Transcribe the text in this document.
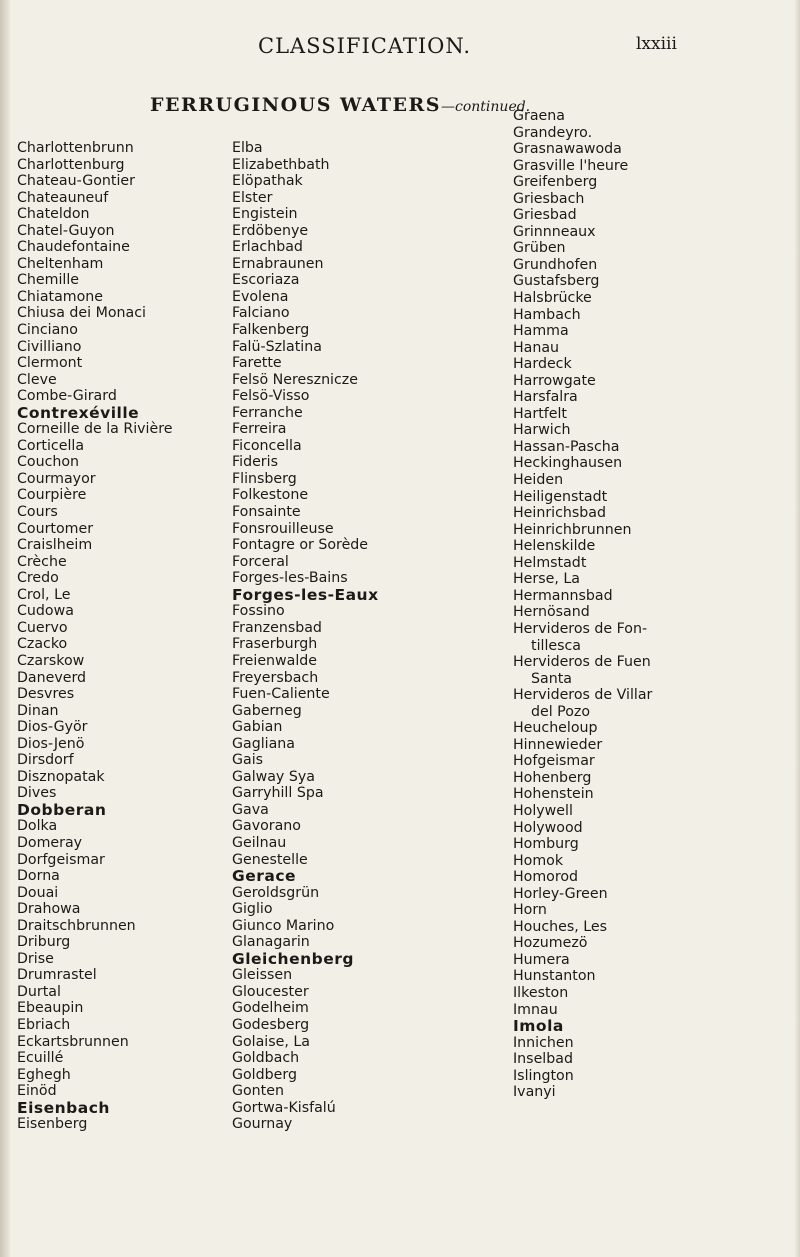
CLASSIFICATION.	lxxiii
FERRUGINOUS WATERS—continued.
Charlottenbrunn
Charlottenburg
Chateau-Gontier
Chateauneuf
Chateldon
Chatel-Guyon
Chaudefontaine
Cheltenham
Chemille
Chiatamone
Chiusa dei Monaci
Cinciano
Civilliano
Clermont
Cleve
Combe-Girard
Contrexéville
Corneille de la Rivière
Corticella
Couchon
Courmayor
Courpière
Cours
Courtomer
Craislheim
Crèche
Credo
Crol, Le
Cudowa
Cuervo
Czacko
Czarskow
Daneverd
Desvres
Dinan
Dios-Györ
Dios-Jenö
Dirsdorf
Disznopatak
Dives
Dobberan
Dolka
Domeray
Dorfgeismar
Dorna
Douai
Drahowa
Draitschbrunnen
Driburg
Drise
Drumrastel
Durtal
Ebeaupin
Ebriach
Eckartsbrunnen
Ecuillé
Eghegh
Einöd
Eisenbach
Eisenberg
Elba
Elizabethbath
Elöpathak
Elster
Engistein
Erdöbenye
Erlachbad
Ernabraunen
Escoriaza
Evolena
Falciano
Falkenberg
Falü-Szlatina
Farette
Felsö Nereszniczе
Felsö-Visso
Ferranche
Ferreira
Ficoncella
Fideris
Flinsberg
Folkestone
Fonsainte
Fonsrouilleuse
Fontagre or Sorède
Forceral
Forges-les-Bains
Forges-les-Eaux
Fossino
Franzensbad
Fraserburgh
Freienwalde
Freyersbach
Fuen-Caliente
Gaberneg
Gabian
Gagliana
Gais
Galway Sya
Garryhill Spa
Gava
Gavorano
Geilnau
Genestelle
Gerace
Geroldsgrün
Giglio
Giunco Marino
Glanagarin
Gleichenberg
Gleissen
Gloucester
Godelheim
Godesberg
Golaise, La
Goldbach
Goldberg
Gonten
Gortwa-Kisfalú
Gournay
Graena
Grandeyro.
Grasnawawoda
Grasville l'heure
Greifenberg
Griesbach
Griesbad
Grinnneaux
Grüben
Grundhofen
Gustafsberg
Halsbrücke
Hambach
Hamma
Hanau
Hardeck
Harrowgate
Harsfalra
Hartfelt
Harwich
Hassan-Pascha
Heckinghausen
Heiden
Heiligenstadt
Heinrichsbad
Heinrichbrunnen
Helenskilde
Helmstadt
Herse, La
Hermannsbad
Hernösand
Hervideros de Fon-
tillesca
Hervideros de Fuen
Santa
Hervideros de Villar
del Pozo
Heucheloup
Hinnewieder
Hofgeismar
Hohenberg
Hohenstein
Holywell
Holywood
Homburg
Homok
Homorod
Horley-Green
Horn
Houches, Les
Hozumezö
Humera
Hunstanton
Ilkeston
Imnau
Imola
Innichen
Inselbad
Islington
Ivanyi
